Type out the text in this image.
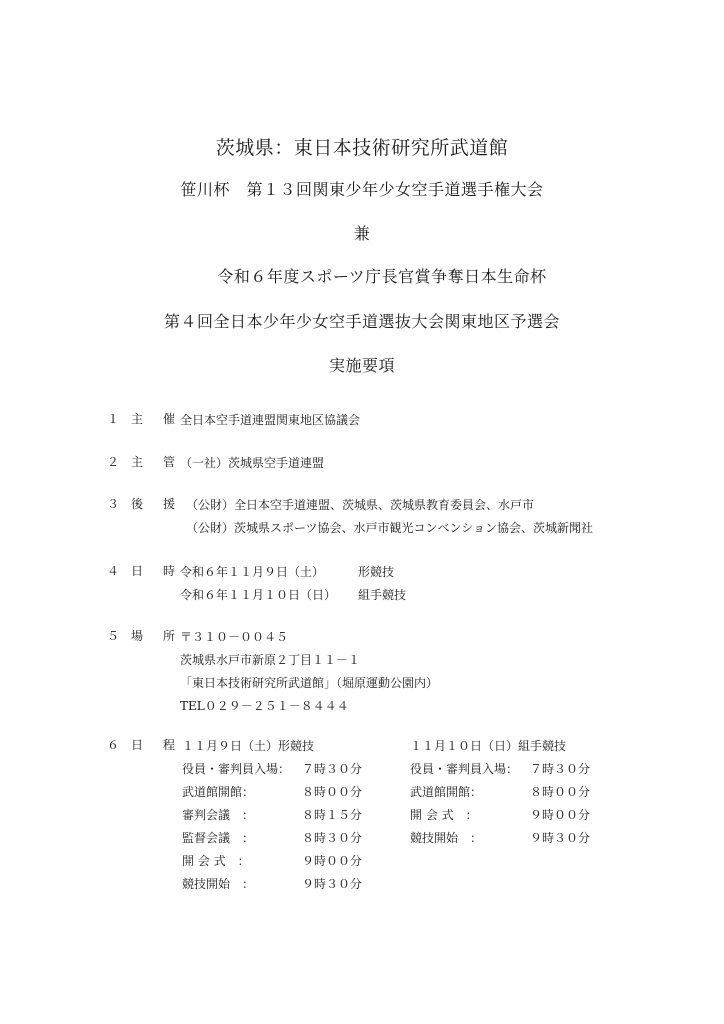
茨城県：東日本技術研究所武道館
笹川杯　第１３回関東少年少女空手道選手権大会
兼
令和６年度スポーツ庁長官賞争奪日本生命杯
第４回全日本少年少女空手道選抜大会関東地区予選会
実施要項
１ 主 催 全日本空手道連盟関東地区協議会
２ 主 管 （一社）茨城県空手道連盟
３ 後 援 （公財）全日本空手道連盟、茨城県、茨城県教育委員会、水戸市
（公財）茨城県スポーツ協会、水戸市観光コンベンション協会、茨城新聞社
４ 日 時 令和６年１１月９日（土）	形競技
令和６年１１月１０日（日） 組手競技
５ 場 所 〒３１０－００４５
茨城県水戸市新原２丁目１１－１
「東日本技術研究所武道館」（堀原運動公園内）
TEL０２９－２５１－８４４４
６ 日 程 １１月９日（土）形競技
役員・審判員入場： ７時３０分
武道館開館：	８時００分
審判会議　：	８時１５分
監督会議　：	８時３０分
開 会 式　：	９時００分
競技開始　：	９時３０分
１１月１０日（日）組手競技
役員・審判員入場： ７時３０分
武道館開館：	８時００分
開 会 式　：	９時００分
競技開始　：	９時３０分
